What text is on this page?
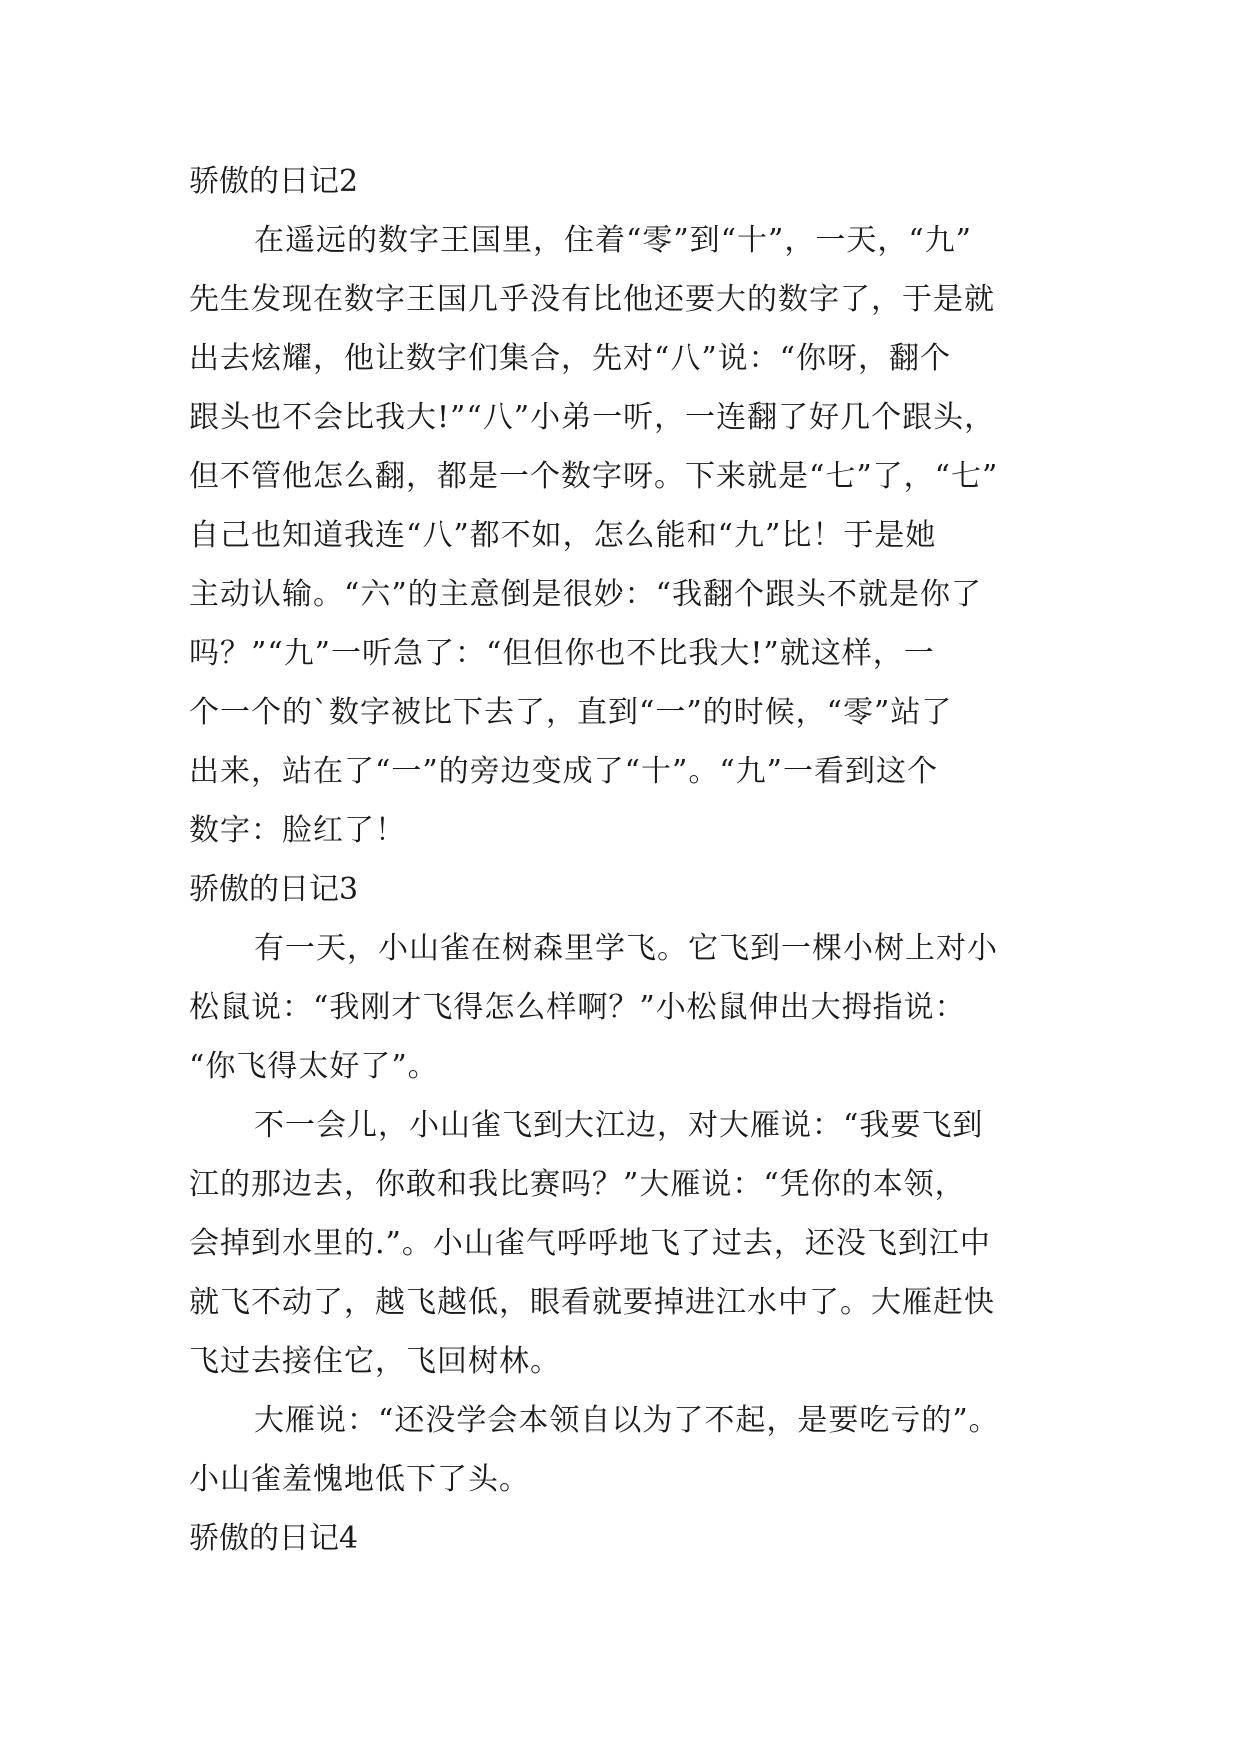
骄傲的日记2
在遥远的数字王国里，住着“零”到“十”，一天，“九”
先生发现在数字王国几乎没有比他还要大的数字了，于是就
出去炫耀，他让数字们集合，先对“八”说：“你呀，翻个
跟头也不会比我大!”“八”小弟一听，一连翻了好几个跟头，
但不管他怎么翻，都是一个数字呀。下来就是“七”了，“七”
自己也知道我连“八”都不如，怎么能和“九”比！于是她
主动认输。“六”的主意倒是很妙：“我翻个跟头不就是你了
吗？”“九”一听急了：“但但你也不比我大!”就这样，一
个一个的`数字被比下去了，直到“一”的时候，“零”站了
出来，站在了“一”的旁边变成了“十”。“九”一看到这个
数字：脸红了！
骄傲的日记3
有一天，小山雀在树森里学飞。它飞到一棵小树上对小
松鼠说：“我刚才飞得怎么样啊？”小松鼠伸出大拇指说：
“你飞得太好了”。
不一会儿，小山雀飞到大江边，对大雁说：“我要飞到
江的那边去，你敢和我比赛吗？”大雁说：“凭你的本领，
会掉到水里的.”。小山雀气呼呼地飞了过去，还没飞到江中
就飞不动了，越飞越低，眼看就要掉进江水中了。大雁赶快
飞过去接住它，飞回树林。
大雁说：“还没学会本领自以为了不起，是要吃亏的”。
小山雀羞愧地低下了头。
骄傲的日记4
